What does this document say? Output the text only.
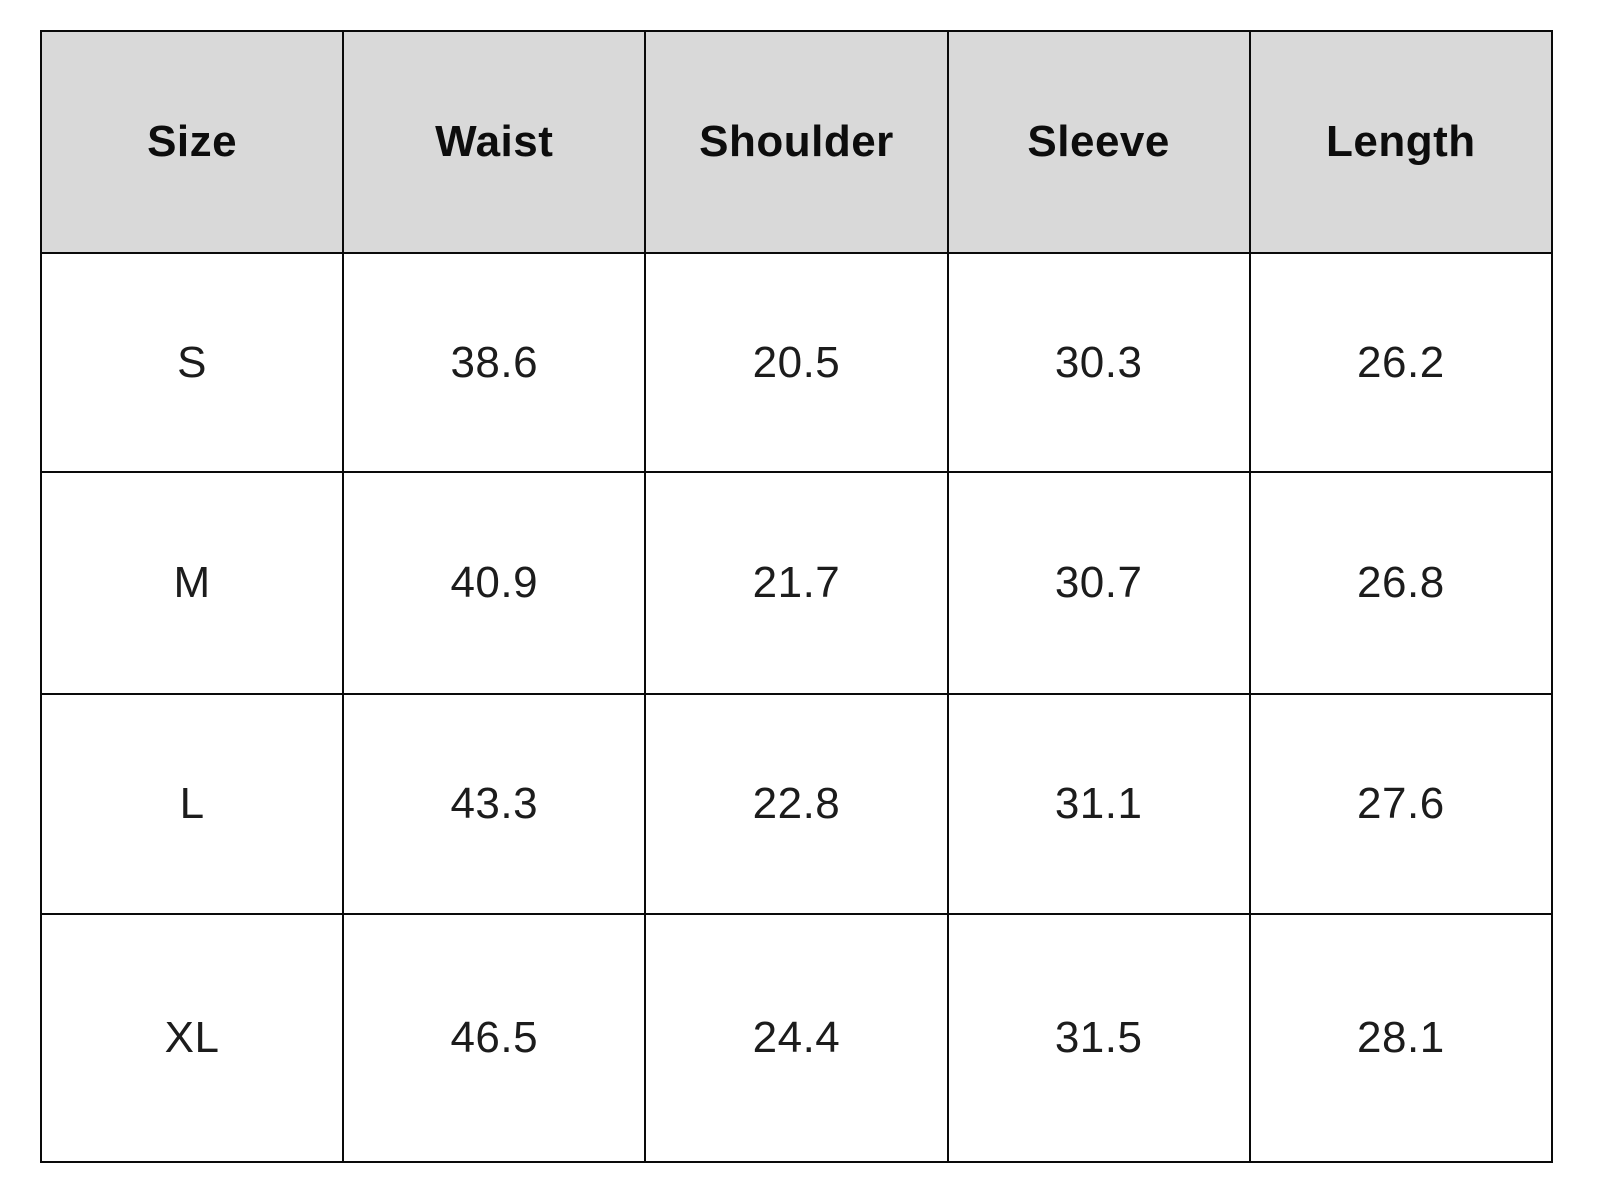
Size	Waist	Shoulder	Sleeve	Length
S	38.6	20.5	30.3	26.2
M	40.9	21.7	30.7	26.8
L	43.3	22.8	31.1	27.6
XL	46.5	24.4	31.5	28.1
